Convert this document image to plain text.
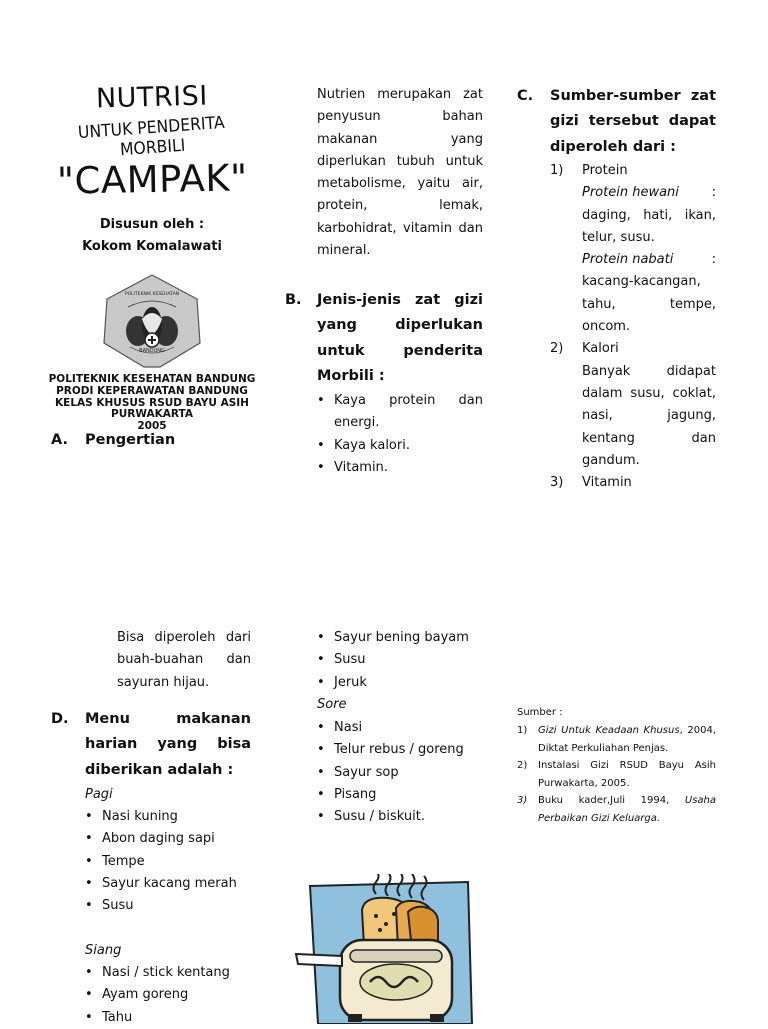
NUTRISI
UNTUK PENDERITA MORBILI
"CAMPAK"
Disusun oleh :
Kokom Komalawati
POLITEKNIK KESEHATAN
BANDUNG
POLITEKNIK KESEHATAN BANDUNG
PRODI KEPERAWATAN BANDUNG
KELAS KHUSUS RSUD BAYU ASIH
PURWAKARTA
2005
A. Pengertian
Nutrien merupakan zat penyusun bahan makanan yang diperlukan tubuh untuk metabolisme, yaitu air, protein, lemak, karbohidrat, vitamin dan mineral.
B. Jenis-jenis zat gizi yang diperlukan untuk penderita Morbili :
• Kaya protein dan energi.
• Kaya kalori.
• Vitamin.
C. Sumber-sumber zat gizi tersebut dapat diperoleh dari :
1) Protein
Protein hewani	:
daging, hati, ikan, telur, susu.
Protein nabati	:
kacang-kacangan, tahu, tempe, oncom.
2) Kalori
Banyak didapat dalam susu, coklat, nasi, jagung, kentang dan gandum.
3) Vitamin
Bisa diperoleh dari buah-buahan dan sayuran hijau.
D. Menu makanan harian yang bisa diberikan adalah :
Pagi
• Nasi kuning
• Abon daging sapi
• Tempe
• Sayur kacang merah
• Susu
Siang
• Nasi / stick kentang
• Ayam goreng
• Tahu
• Sayur bening bayam
• Susu
• Jeruk
Sore
• Nasi
• Telur rebus / goreng
• Sayur sop
• Pisang
• Susu / biskuit.
Sumber :
1) Gizi Untuk Keadaan Khusus, 2004, Diktat Perkuliahan Penjas.
2) Instalasi Gizi RSUD Bayu Asih Purwakarta, 2005.
3) Buku kader,Juli 1994, Usaha Perbaikan Gizi Keluarga.
